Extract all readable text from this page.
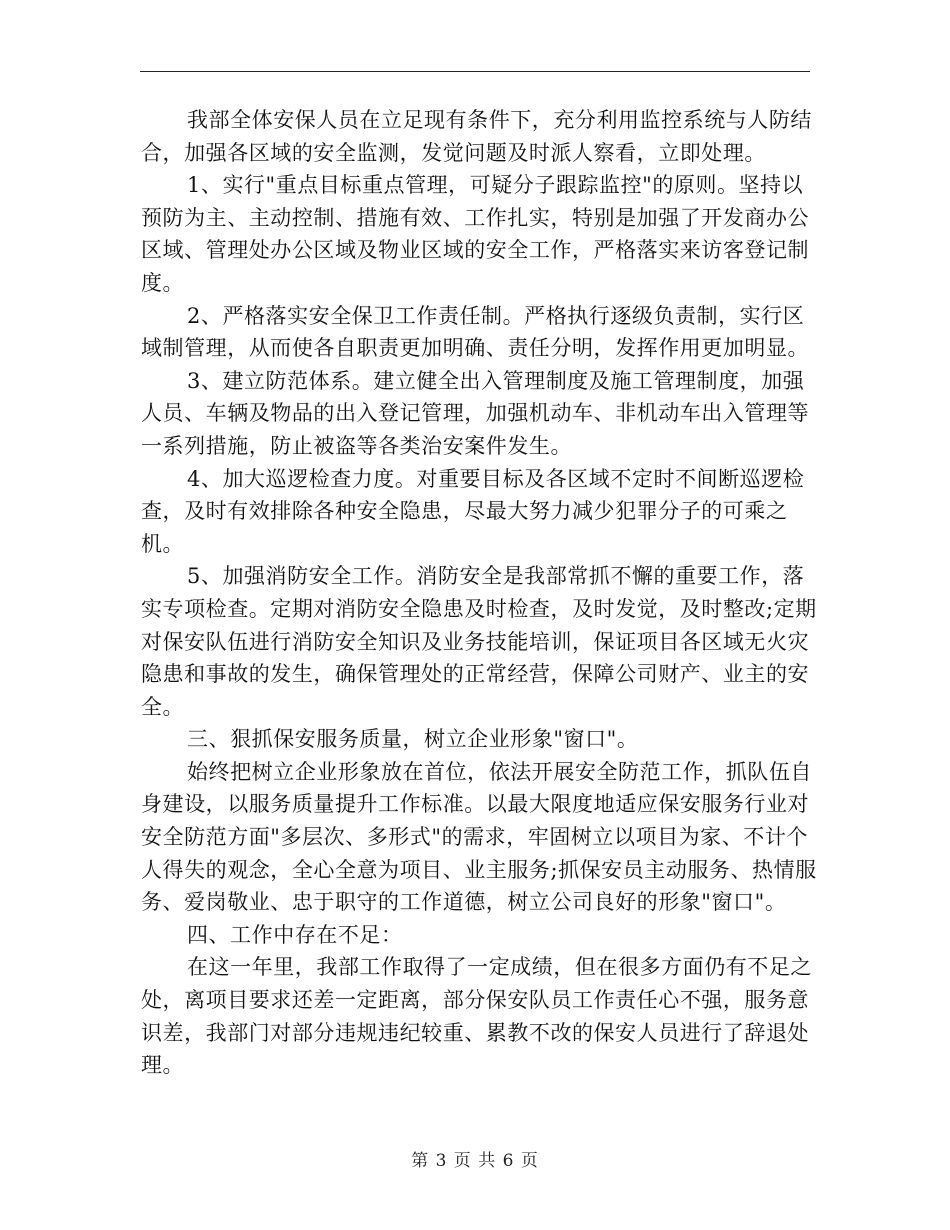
我部全体安保人员在立足现有条件下，充分利用监控系统与人防结合，加强各区域的安全监测，发觉问题及时派人察看，立即处理。

1、实行"重点目标重点管理，可疑分子跟踪监控"的原则。坚持以预防为主、主动控制、措施有效、工作扎实，特别是加强了开发商办公区域、管理处办公区域及物业区域的安全工作，严格落实来访客登记制度。

2、严格落实安全保卫工作责任制。严格执行逐级负责制，实行区域制管理，从而使各自职责更加明确、责任分明，发挥作用更加明显。

3、建立防范体系。建立健全出入管理制度及施工管理制度，加强人员、车辆及物品的出入登记管理，加强机动车、非机动车出入管理等一系列措施，防止被盗等各类治安案件发生。

4、加大巡逻检查力度。对重要目标及各区域不定时不间断巡逻检查，及时有效排除各种安全隐患，尽最大努力减少犯罪分子的可乘之机。

5、加强消防安全工作。消防安全是我部常抓不懈的重要工作，落实专项检查。定期对消防安全隐患及时检查，及时发觉，及时整改;定期对保安队伍进行消防安全知识及业务技能培训，保证项目各区域无火灾隐患和事故的发生，确保管理处的正常经营，保障公司财产、业主的安全。

三、狠抓保安服务质量，树立企业形象"窗口"。

始终把树立企业形象放在首位，依法开展安全防范工作，抓队伍自身建设，以服务质量提升工作标准。以最大限度地适应保安服务行业对安全防范方面"多层次、多形式"的需求，牢固树立以项目为家、不计个人得失的观念，全心全意为项目、业主服务;抓保安员主动服务、热情服务、爱岗敬业、忠于职守的工作道德，树立公司良好的形象"窗口"。

四、工作中存在不足：

在这一年里，我部工作取得了一定成绩，但在很多方面仍有不足之处，离项目要求还差一定距离，部分保安队员工作责任心不强，服务意识差，我部门对部分违规违纪较重、累教不改的保安人员进行了辞退处理。

第 3 页 共 6 页
